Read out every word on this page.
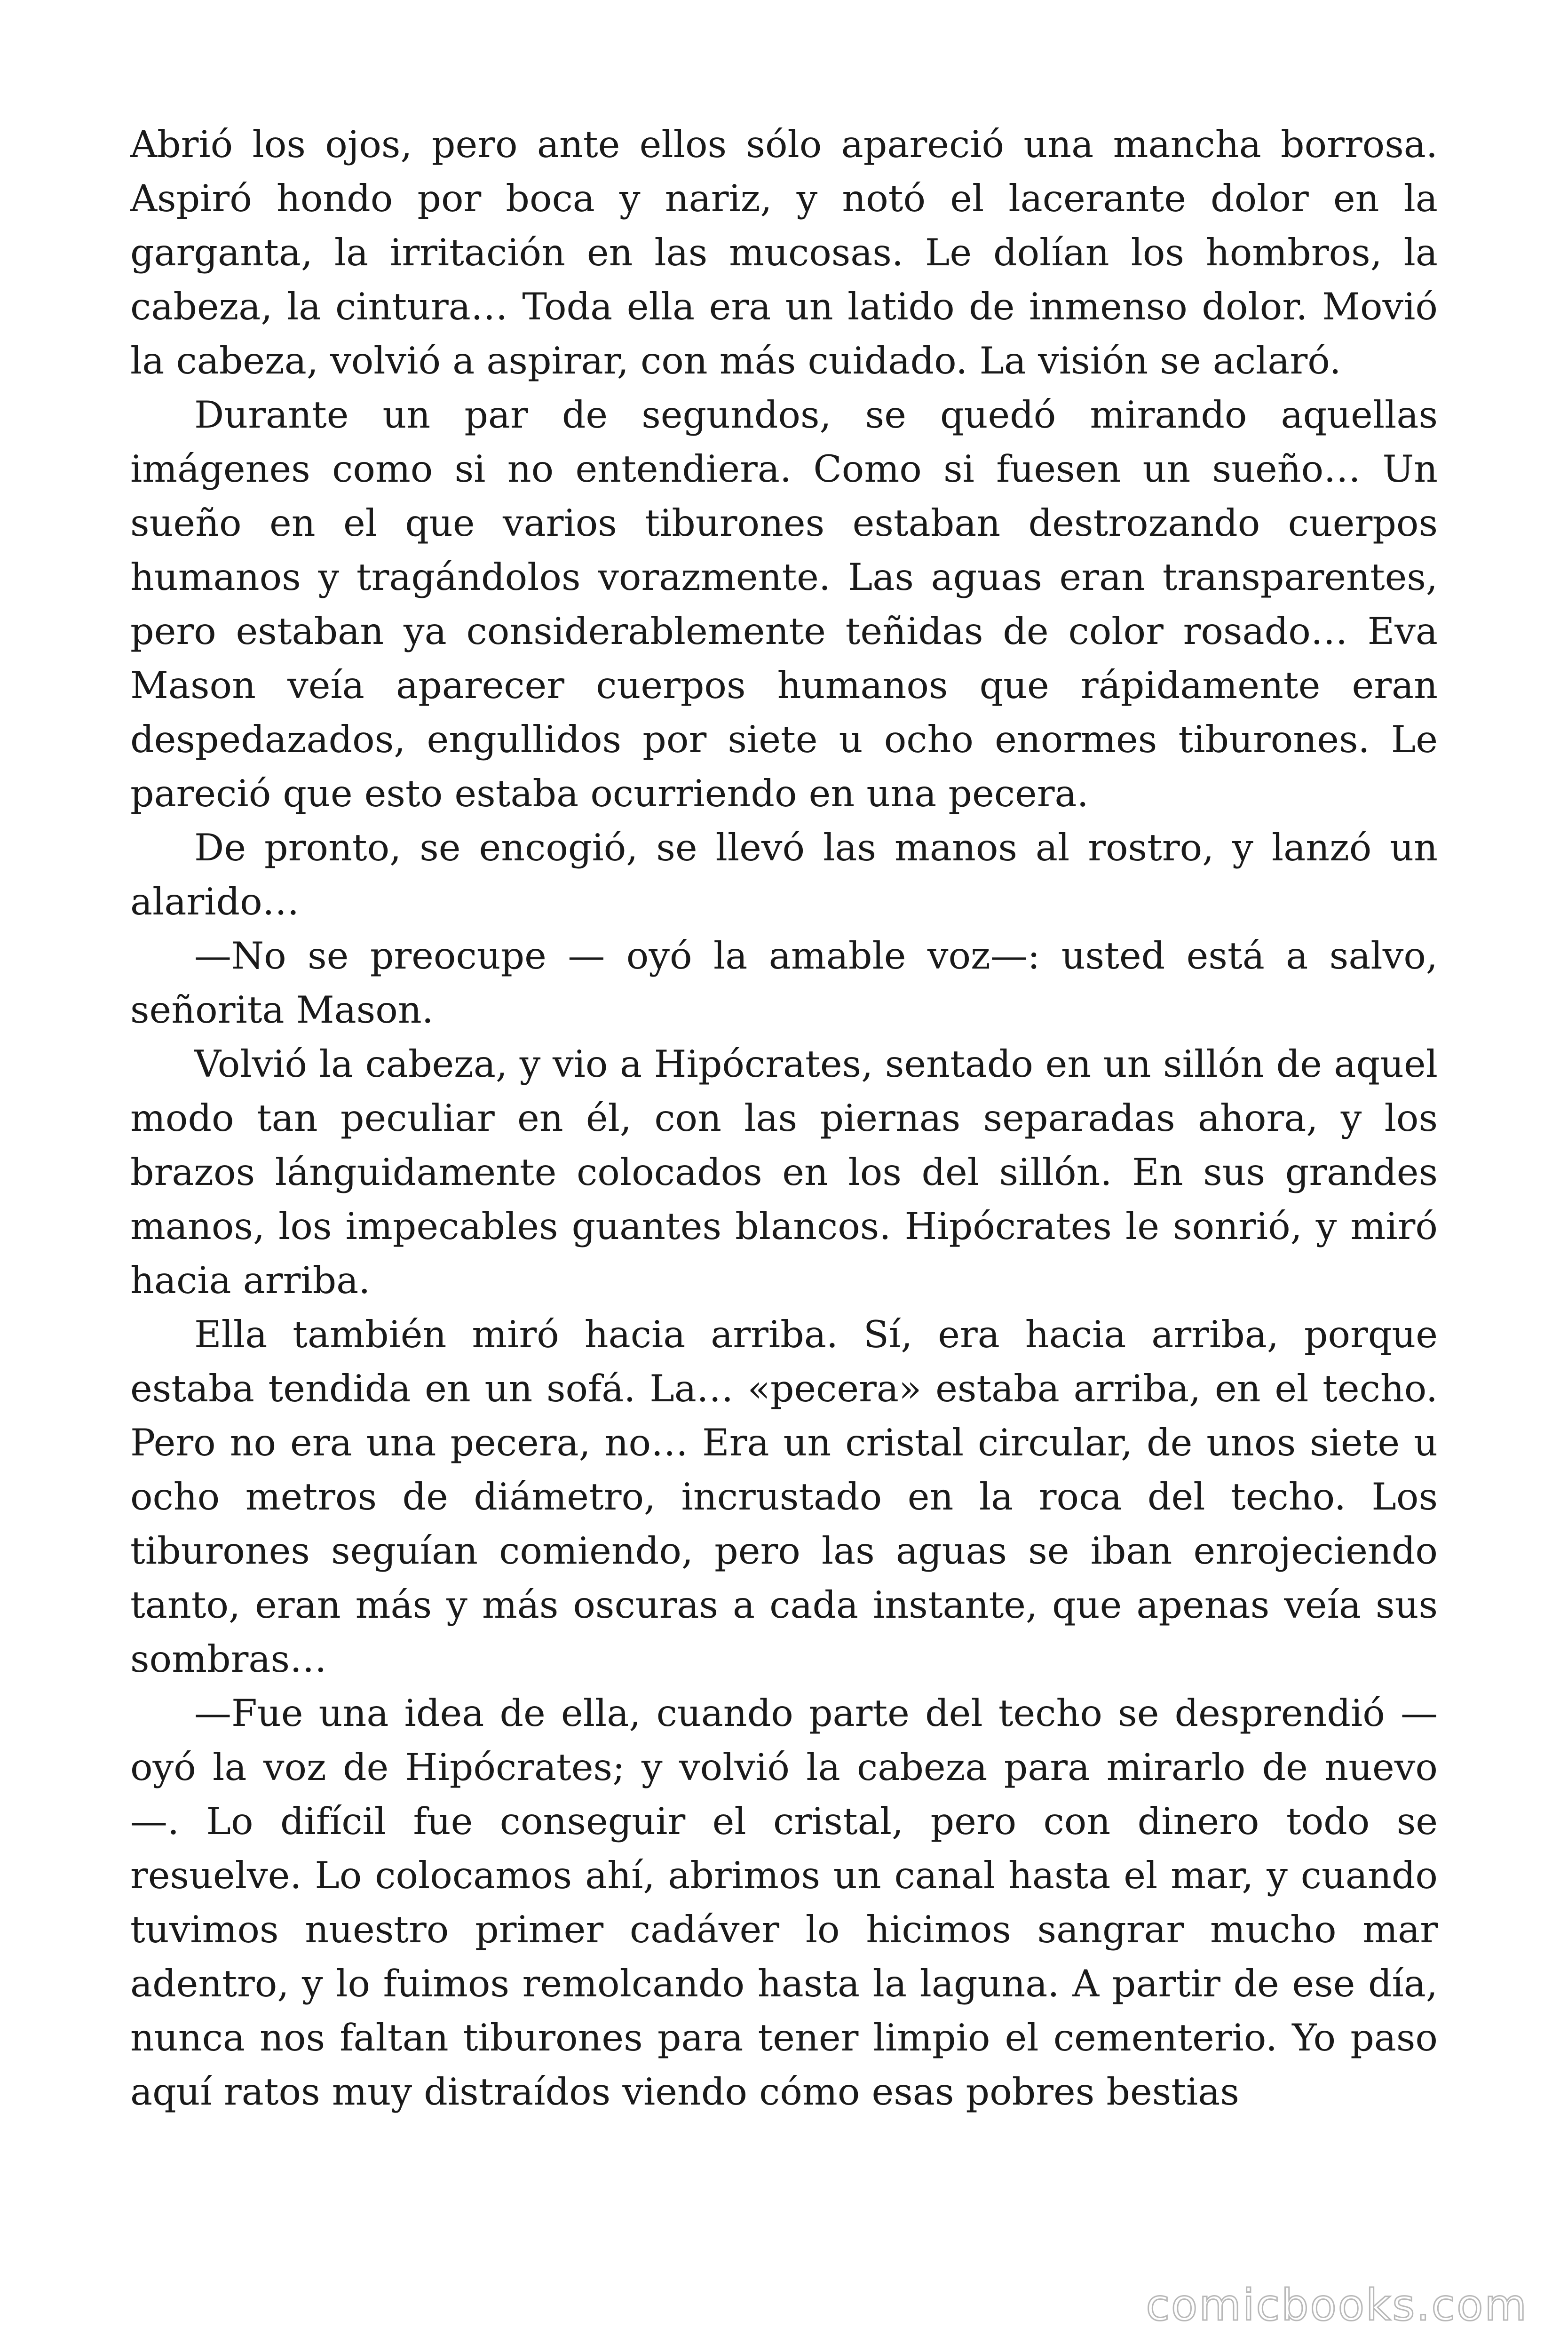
Abrió los ojos, pero ante ellos sólo apareció una mancha borrosa. Aspiró hondo por boca y nariz, y notó el lacerante dolor en la garganta, la irritación en las mucosas. Le dolían los hombros, la cabeza, la cintura… Toda ella era un latido de inmenso dolor. Movió la cabeza, volvió a aspirar, con más cuidado. La visión se aclaró.

Durante un par de segundos, se quedó mirando aquellas imágenes como si no entendiera. Como si fuesen un sueño… Un sueño en el que varios tiburones estaban destrozando cuerpos humanos y tragándolos vorazmente. Las aguas eran transparentes, pero estaban ya considerablemente teñidas de color rosado… Eva Mason veía aparecer cuerpos humanos que rápidamente eran despedazados, engullidos por siete u ocho enormes tiburones. Le pareció que esto estaba ocurriendo en una pecera.

De pronto, se encogió, se llevó las manos al rostro, y lanzó un alarido…

—No se preocupe — oyó la amable voz—: usted está a salvo, señorita Mason.

Volvió la cabeza, y vio a Hipócrates, sentado en un sillón de aquel modo tan peculiar en él, con las piernas separadas ahora, y los brazos lánguidamente colocados en los del sillón. En sus grandes manos, los impecables guantes blancos. Hipócrates le sonrió, y miró hacia arriba.

Ella también miró hacia arriba. Sí, era hacia arriba, porque estaba tendida en un sofá. La… «pecera» estaba arriba, en el techo. Pero no era una pecera, no… Era un cristal circular, de unos siete u ocho metros de diámetro, incrustado en la roca del techo. Los tiburones seguían comiendo, pero las aguas se iban enrojeciendo tanto, eran más y más oscuras a cada instante, que apenas veía sus sombras…

—Fue una idea de ella, cuando parte del techo se desprendió — oyó la voz de Hipócrates; y volvió la cabeza para mirarlo de nuevo —. Lo difícil fue conseguir el cristal, pero con dinero todo se resuelve. Lo colocamos ahí, abrimos un canal hasta el mar, y cuando tuvimos nuestro primer cadáver lo hicimos sangrar mucho mar adentro, y lo fuimos remolcando hasta la laguna. A partir de ese día, nunca nos faltan tiburones para tener limpio el cementerio. Yo paso aquí ratos muy distraídos viendo cómo esas pobres bestias

comicbooks.com
